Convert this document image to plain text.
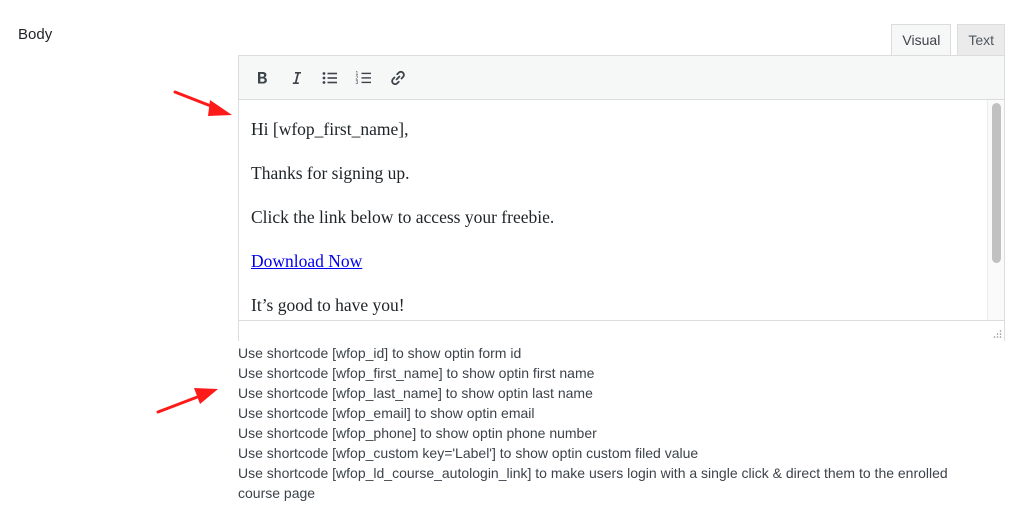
Body	Visual	Text
1
2
3

Hi [wfop_first_name],

Thanks for signing up.

Click the link below to access your freebie.

Download Now

It’s good to have you!

Use shortcode [wfop_id] to show optin form id

Use shortcode [wfop_first_name] to show optin first name

Use shortcode [wfop_last_name] to show optin last name

Use shortcode [wfop_email] to show optin email

Use shortcode [wfop_phone] to show optin phone number

Use shortcode [wfop_custom key='Label'] to show optin custom filed value

Use shortcode [wfop_ld_course_autologin_link] to make users login with a single click & direct them to the enrolled course page
